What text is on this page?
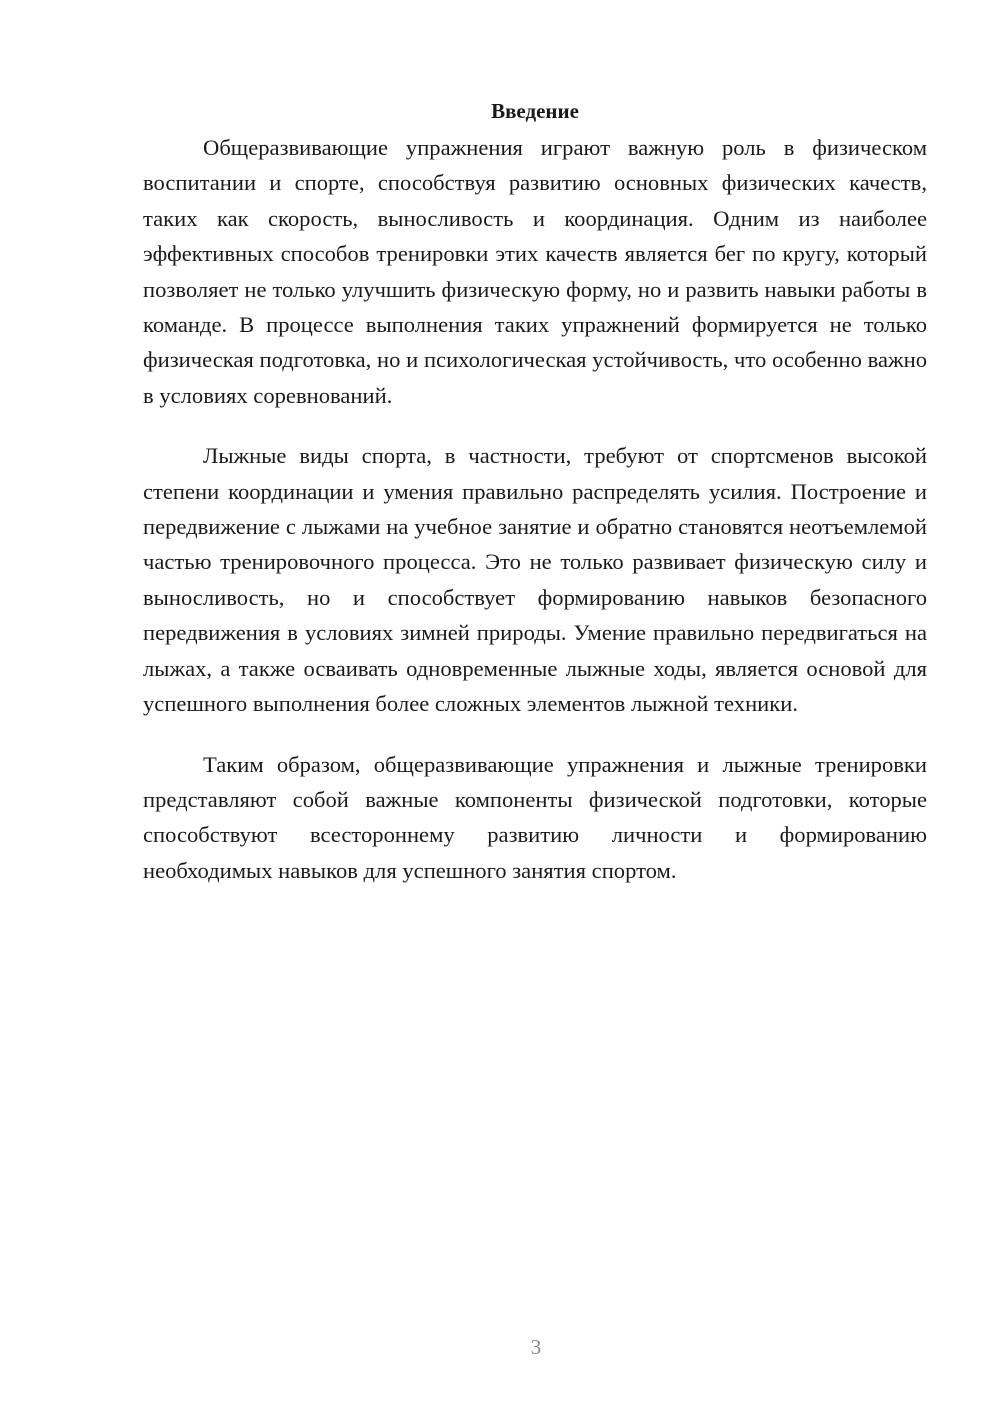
Введение

Общеразвивающие упражнения играют важную роль в физическом воспитании и спорте, способствуя развитию основных физических качеств, таких как скорость, выносливость и координация. Одним из наиболее эффективных способов тренировки этих качеств является бег по кругу, который позволяет не только улучшить физическую форму, но и развить навыки работы в команде. В процессе выполнения таких упражнений формируется не только физическая подготовка, но и психологическая устойчивость, что особенно важно в условиях соревнований.

Лыжные виды спорта, в частности, требуют от спортсменов высокой степени координации и умения правильно распределять усилия. Построение и передвижение с лыжами на учебное занятие и обратно становятся неотъемлемой частью тренировочного процесса. Это не только развивает физическую силу и выносливость, но и способствует формированию навыков безопасного передвижения в условиях зимней природы. Умение правильно передвигаться на лыжах, а также осваивать одновременные лыжные ходы, является основой для успешного выполнения более сложных элементов лыжной техники.

Таким образом, общеразвивающие упражнения и лыжные тренировки представляют собой важные компоненты физической подготовки, которые способствуют всестороннему развитию личности и формированию необходимых навыков для успешного занятия спортом.

3
